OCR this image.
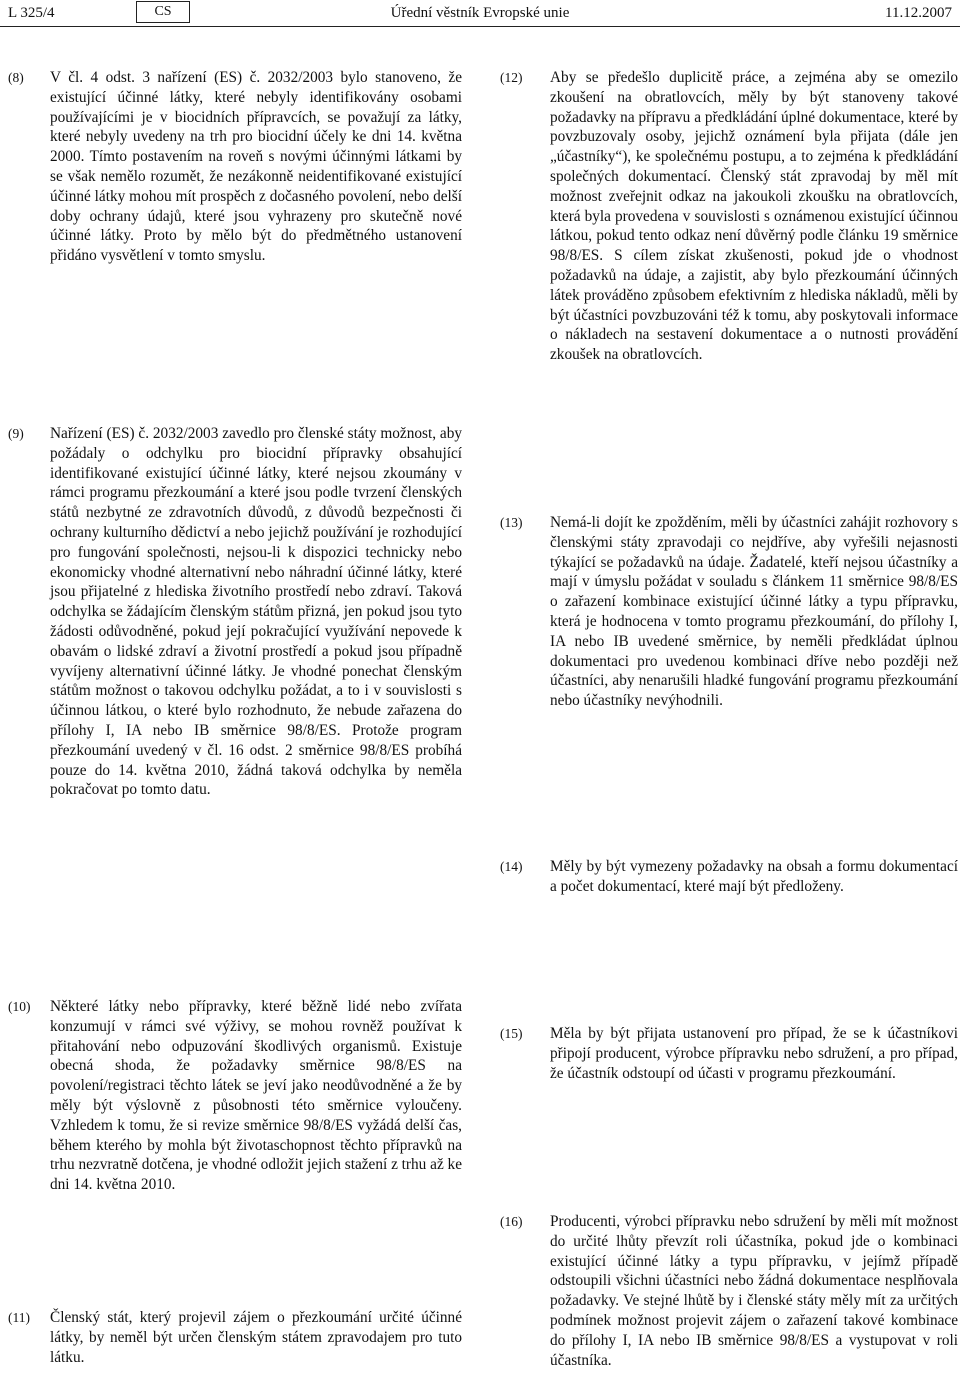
L 325/4	CS	Úřední věstník Evropské unie	11.12.2007
(8) V čl. 4 odst. 3 nařízení (ES) č. 2032/2003 bylo stanoveno, že existující účinné látky, které nebyly identifikovány osobami používajícími je v biocidních přípravcích, se považují za látky, které nebyly uvedeny na trh pro biocidní účely ke dni 14. května 2000. Tímto postavením na roveň s novými účinnými látkami by se však nemělo rozumět, že nezákonně neidentifikované existující účinné látky mohou mít prospěch z dočasného povolení, nebo delší doby ochrany údajů, které jsou vyhrazeny pro skutečně nové účinné látky. Proto by mělo být do předmětného ustanovení přidáno vysvětlení v tomto smyslu.
(9) Nařízení (ES) č. 2032/2003 zavedlo pro členské státy možnost, aby požádaly o odchylku pro biocidní přípravky obsahující identifikované existující účinné látky, které nejsou zkoumány v rámci programu přezkoumání a které jsou podle tvrzení členských států nezbytné ze zdravotních důvodů, z důvodů bezpečnosti či ochrany kulturního dědictví a nebo jejichž používání je rozhodující pro fungování společnosti, nejsou-li k dispozici technicky nebo ekonomicky vhodné alternativní nebo náhradní účinné látky, které jsou přijatelné z hlediska životního prostředí nebo zdraví. Taková odchylka se žádajícím členským státům přizná, jen pokud jsou tyto žádosti odůvodněné, pokud její pokračující využívání nepovede k obavám o lidské zdraví a životní prostředí a pokud jsou případně vyvíjeny alternativní účinné látky. Je vhodné ponechat členským státům možnost o takovou odchylku požádat, a to i v souvislosti s účinnou látkou, o které bylo rozhodnuto, že nebude zařazena do přílohy I, IA nebo IB směrnice 98/8/ES. Protože program přezkoumání uvedený v čl. 16 odst. 2 směrnice 98/8/ES probíhá pouze do 14. května 2010, žádná taková odchylka by neměla pokračovat po tomto datu.
(10) Některé látky nebo přípravky, které běžně lidé nebo zvířata konzumují v rámci své výživy, se mohou rovněž používat k přitahování nebo odpuzování škodlivých organismů. Existuje obecná shoda, že požadavky směrnice 98/8/ES na povolení/registraci těchto látek se jeví jako neodůvodněné a že by měly být výslovně z působnosti této směrnice vyloučeny. Vzhledem k tomu, že si revize směrnice 98/8/ES vyžádá delší čas, během kterého by mohla být životaschopnost těchto přípravků na trhu nezvratně dotčena, je vhodné odložit jejich stažení z trhu až ke dni 14. května 2010.
(11) Členský stát, který projevil zájem o přezkoumání určité účinné látky, by neměl být určen členským státem zpravodajem pro tuto látku.
(12) Aby se předešlo duplicitě práce, a zejména aby se omezilo zkoušení na obratlovcích, měly by být stanoveny takové požadavky na přípravu a předkládání úplné dokumentace, které by povzbuzovaly osoby, jejichž oznámení byla přijata (dále jen „účastníky“), ke společnému postupu, a to zejména k předkládání společných dokumentací. Členský stát zpravodaj by měl mít možnost zveřejnit odkaz na jakoukoli zkoušku na obratlovcích, která byla provedena v souvislosti s oznámenou existující účinnou látkou, pokud tento odkaz není důvěrný podle článku 19 směrnice 98/8/ES. S cílem získat zkušenosti, pokud jde o vhodnost požadavků na údaje, a zajistit, aby bylo přezkoumání účinných látek prováděno způsobem efektivním z hlediska nákladů, měli by být účastníci povzbuzováni též k tomu, aby poskytovali informace o nákladech na sestavení dokumentace a o nutnosti provádění zkoušek na obratlovcích.
(13) Nemá-li dojít ke zpožděním, měli by účastníci zahájit rozhovory s členskými státy zpravodaji co nejdříve, aby vyřešili nejasnosti týkající se požadavků na údaje. Žadatelé, kteří nejsou účastníky a mají v úmyslu požádat v souladu s článkem 11 směrnice 98/8/ES o zařazení kombinace existující účinné látky a typu přípravku, která je hodnocena v tomto programu přezkoumání, do přílohy I, IA nebo IB uvedené směrnice, by neměli předkládat úplnou dokumentaci pro uvedenou kombinaci dříve nebo později než účastníci, aby nenarušili hladké fungování programu přezkoumání nebo účastníky nevýhodnili.
(14) Měly by být vymezeny požadavky na obsah a formu dokumentací a počet dokumentací, které mají být předloženy.
(15) Měla by být přijata ustanovení pro případ, že se k účastníkovi připojí producent, výrobce přípravku nebo sdružení, a pro případ, že účastník odstoupí od účasti v programu přezkoumání.
(16) Producenti, výrobci přípravku nebo sdružení by měli mít možnost do určité lhůty převzít roli účastníka, pokud jde o kombinaci existující účinné látky a typu přípravku, v jejímž případě odstoupili všichni účastníci nebo žádná dokumentace nesplňovala požadavky. Ve stejné lhůtě by i členské státy měly mít za určitých podmínek možnost projevit zájem o zařazení takové kombinace do přílohy I, IA nebo IB směrnice 98/8/ES a vystupovat v roli účastníka.
